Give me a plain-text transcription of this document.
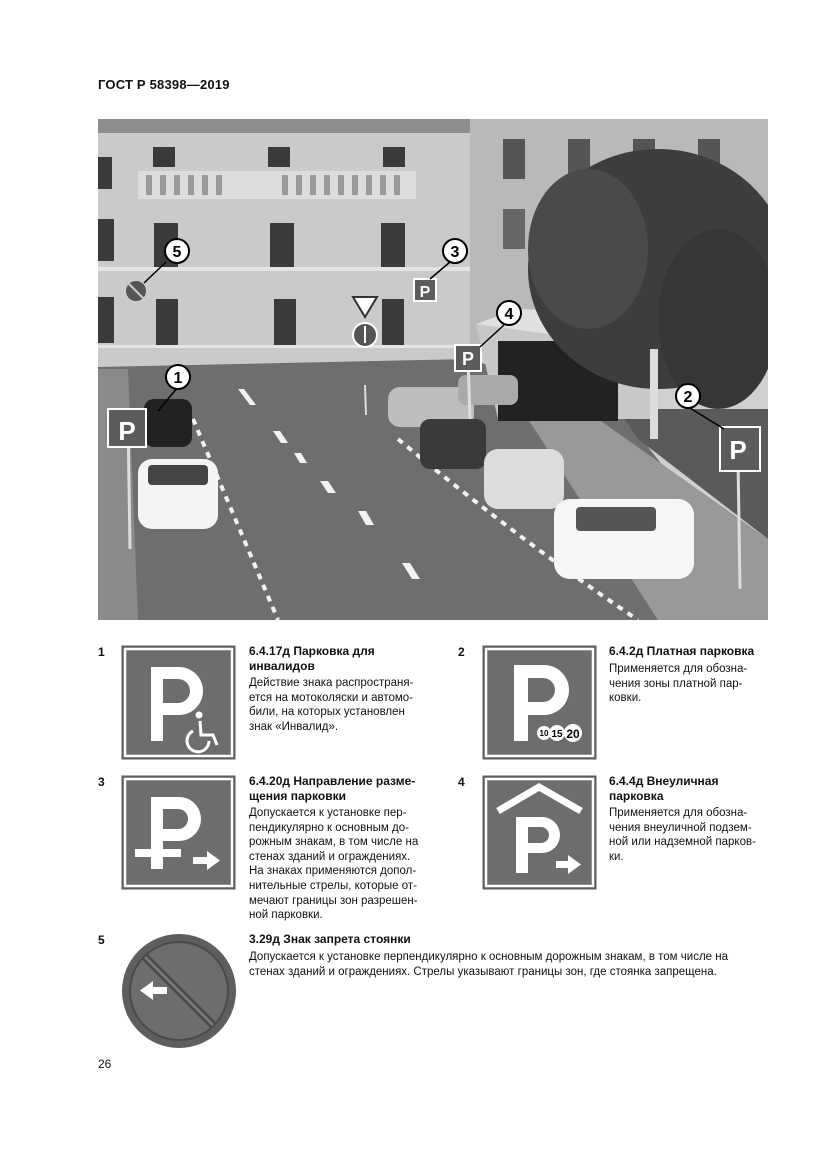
ГОСТ Р 58398—2019
P
P
P
P
1
2
3
4
5
1	6.4.17д Парковка для
инвалидов
Действие знака распространя-
ется на мотоколяски и автомо-
били, на которых установлен
знак «Инвалид».
2
10 15 20
6.4.2д Платная парковка
Применяется для обозна-
чения зоны платной пар-
ковки.
3	6.4.20д Направление разме-
щения парковки
Допускается к установке пер-
пендикулярно к основным до-
рожным знакам, в том числе на
стенах зданий и ограждениях.
На знаках применяются допол-
нительные стрелы, которые от-
мечают границы зон разрешен-
ной парковки.
4	6.4.4д Внеуличная
парковка
Применяется для обозна-
чения внеуличной подзем-
ной или надземной парков-
ки.
5	3.29д Знак запрета стоянки
Допускается к установке перпендикулярно к основным дорожным знакам, в том числе на
стенах зданий и ограждениях. Стрелы указывают границы зон, где стоянка запрещена.
26
